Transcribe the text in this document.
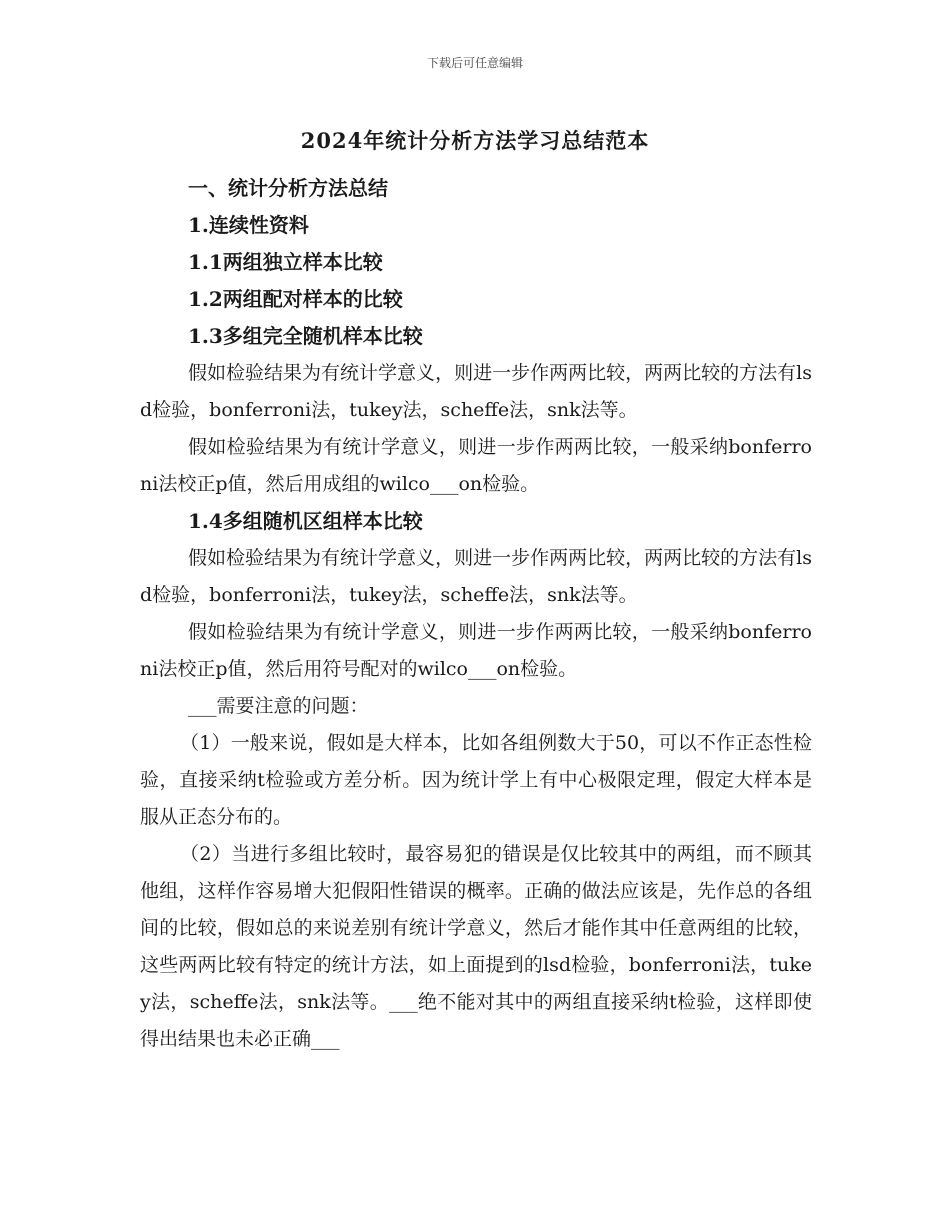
下载后可任意编辑
2024年统计分析方法学习总结范本

一、统计分析方法总结

1.连续性资料

1.1两组独立样本比较

1.2两组配对样本的比较

1.3多组完全随机样本比较

假如检验结果为有统计学意义，则进一步作两两比较，两两比较的方法有lsd检验，bonferroni法，tukey法，scheffe法，snk法等。

假如检验结果为有统计学意义，则进一步作两两比较，一般采纳bonferroni法校正p值，然后用成组的wilco___on检验。

1.4多组随机区组样本比较

假如检验结果为有统计学意义，则进一步作两两比较，两两比较的方法有lsd检验，bonferroni法，tukey法，scheffe法，snk法等。

假如检验结果为有统计学意义，则进一步作两两比较，一般采纳bonferroni法校正p值，然后用符号配对的wilco___on检验。

___需要注意的问题：

（1）一般来说，假如是大样本，比如各组例数大于50，可以不作正态性检验，直接采纳t检验或方差分析。因为统计学上有中心极限定理，假定大样本是服从正态分布的。

（2）当进行多组比较时，最容易犯的错误是仅比较其中的两组，而不顾其他组，这样作容易增大犯假阳性错误的概率。正确的做法应该是，先作总的各组间的比较，假如总的来说差别有统计学意义，然后才能作其中任意两组的比较，这些两两比较有特定的统计方法，如上面提到的lsd检验，bonferroni法，tukey法，scheffe法，snk法等。___绝不能对其中的两组直接采纳t检验，这样即使得出结果也未必正确___
